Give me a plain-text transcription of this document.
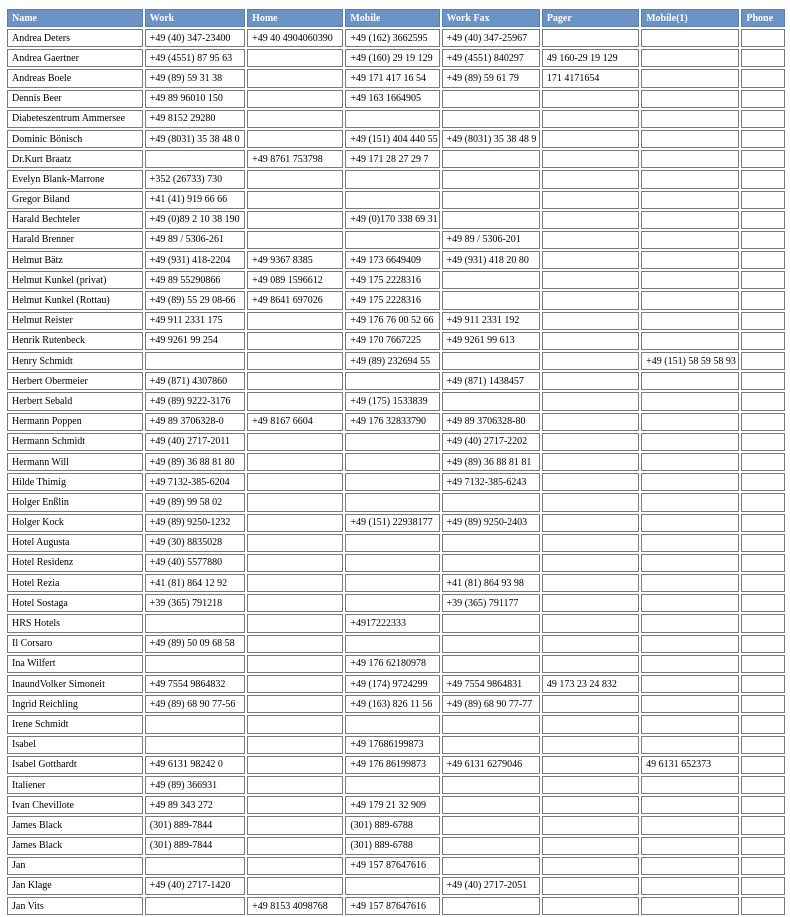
Name	Work	Home	Mobile	Work Fax	Pager	Mobile(1)	Phone
Andrea Deters	+49 (40) 347-23400	+49 40 4904060390	+49 (162) 3662595	+49 (40) 347-25967			
Andrea Gaertner	+49 (4551) 87 95 63		+49 (160) 29 19 129	+49 (4551) 840297	49 160-29 19 129		
Andreas Boele	+49 (89) 59 31 38		+49 171 417 16 54	+49 (89) 59 61 79	171 4171654		
Dennis Beer	+49 89 96010 150		+49 163 1664905				
Diabeteszentrum Ammersee	+49 8152 29280						
Dominic Bönisch	+49 (8031) 35 38 48 0		+49 (151) 404 440 55	+49 (8031) 35 38 48 9			
Dr.Kurt Braatz		+49 8761 753798	+49 171 28 27 29 7				
Evelyn Blank-Marrone	+352 (26733) 730						
Gregor Biland	+41 (41) 919 66 66						
Harald Bechteler	+49 (0)89 2 10 38 190		+49 (0)170 338 69 31				
Harald Brenner	+49 89 / 5306-261			+49 89 / 5306-201			
Helmut Bätz	+49 (931) 418-2204	+49 9367 8385	+49 173 6649409	+49 (931) 418 20 80			
Helmut Kunkel (privat)	+49 89 55290866	+49 089 1596612	+49 175 2228316				
Helmut Kunkel (Rottau)	+49 (89) 55 29 08-66	+49 8641 697026	+49 175 2228316				
Helmut Reister	+49 911 2331 175		+49 176 76 00 52 66	+49 911 2331 192			
Henrik Rutenbeck	+49 9261 99 254		+49 170 7667225	+49 9261 99 613			
Henry Schmidt			+49 (89) 232694 55			+49 (151) 58 59 58 93	
Herbert Obermeier	+49 (871) 4307860			+49 (871) 1438457			
Herbert Sebald	+49 (89) 9222-3176		+49 (175) 1533839				
Hermann Poppen	+49 89 3706328-0	+49 8167 6604	+49 176 32833790	+49 89 3706328-80			
Hermann Schmidt	+49 (40) 2717-2011			+49 (40) 2717-2202			
Hermann Will	+49 (89) 36 88 81 80			+49 (89) 36 88 81 81			
Hilde Thimig	+49 7132-385-6204			+49 7132-385-6243			
Holger Enßlin	+49 (89) 99 58 02						
Holger Kock	+49 (89) 9250-1232		+49 (151) 22938177	+49 (89) 9250-2403			
Hotel Augusta	+49 (30) 8835028						
Hotel Residenz	+49 (40) 5577880						
Hotel Rezia	+41 (81) 864 12 92			+41 (81) 864 93 98			
Hotel Sostaga	+39 (365) 791218			+39 (365) 791177			
HRS Hotels			+4917222333				
Il Corsaro	+49 (89) 50 09 68 58						
Ina Wilfert			+49 176 62180978				
InaundVolker Simoneit	+49 7554 9864832		+49 (174) 9724299	+49 7554 9864831	49 173 23 24 832		
Ingrid Reichling	+49 (89) 68 90 77-56		+49 (163) 826 11 56	+49 (89) 68 90 77-77			
Irene Schmidt							
Isabel			+49 17686199873				
Isabel Gotthardt	+49 6131 98242 0		+49 176 86199873	+49 6131 6279046		49 6131 652373	
Italiener	+49 (89) 366931						
Ivan Chevillote	+49 89 343 272		+49 179 21 32 909				
James Black	(301) 889-7844		(301) 889-6788				
James Black	(301) 889-7844		(301) 889-6788				
Jan			+49 157 87647616				
Jan Klage	+49 (40) 2717-1420			+49 (40) 2717-2051			
Jan Vits		+49 8153 4098768	+49 157 87647616				
